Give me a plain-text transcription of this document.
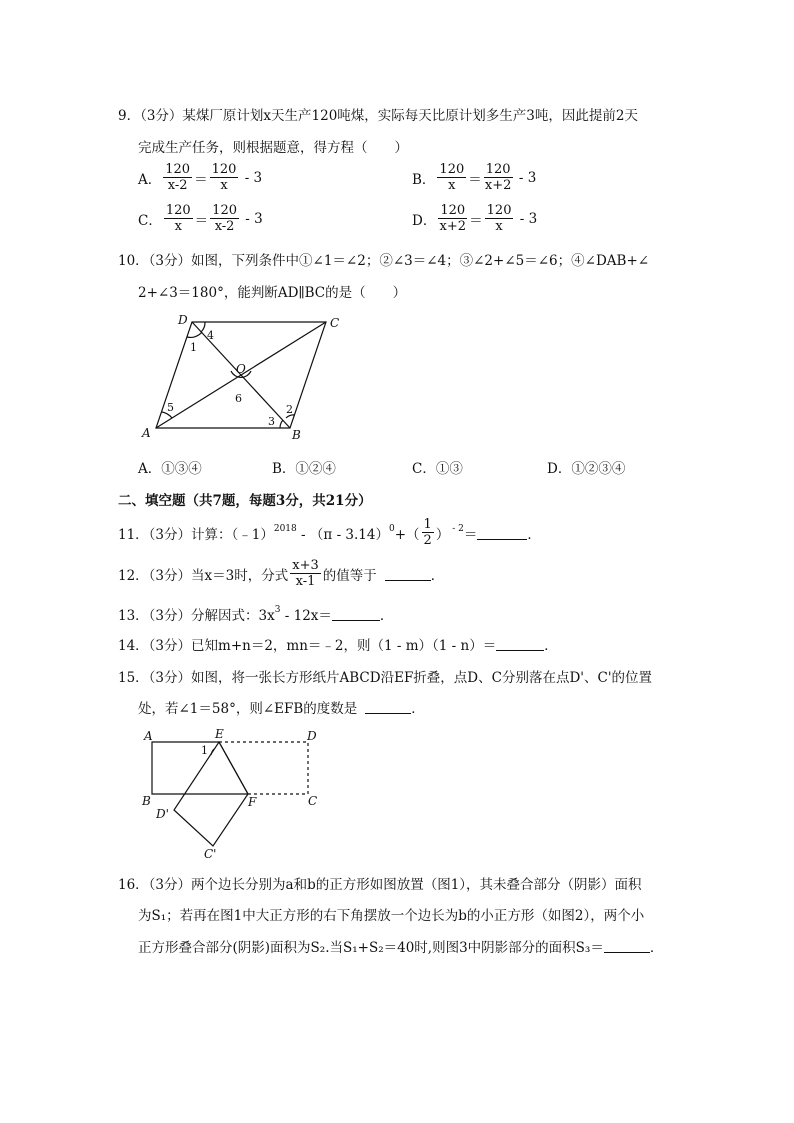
9．（3分）某煤厂原计划x天生产120吨煤，实际每天比原计划多生产3吨，因此提前2天
完成生产任务，则根据题意，得方程（　　）
A． $\frac{120}{x-2} = \frac{120}{x} - 3$	B． $\frac{120}{x} = \frac{120}{x+2} - 3$
C． $\frac{120}{x} = \frac{120}{x-2} - 3$	D． $\frac{120}{x+2} = \frac{120}{x} - 3$
10．（3分）如图，下列条件中①∠1＝∠2；②∠3＝∠4；③∠2+∠5＝∠6；④∠DAB+∠
2+∠3＝180°，能判断AD∥BC的是（　　）
D	C
A	B
O
1
2
3
4
5
6
A．①③④	B．①②④	C．①③	D．①②③④
二、填空题（共7题，每题3分，共21分）
11．（3分）计算：（﹣1）$^{2018}$ - （π - 3.14）$^0$ +（ $\frac{1}{2}$ ） $^{- 2}$ ＝	．
12．（3分）当x＝3时，分式 $\frac{x+3}{x-1}$ 的值等于	．
13．（3分）分解因式：$3x^3 - 12x=$	．
14．（3分）已知m+n＝2，mn＝﹣2，则（1 - m）（1 - n）＝	．
15．（3分）如图，将一张长方形纸片ABCD沿EF折叠，点D、C分别落在点D'、C'的位置
处，若∠1＝58°，则∠EFB的度数是	．
A	E	D
B	F	C
D'
C'
1
16．（3分）两个边长分别为a和b的正方形如图放置（图1），其未叠合部分（阴影）面积
为S₁；若再在图1中大正方形的右下角摆放一个边长为b的小正方形（如图2），两个小
正方形叠合部分(阴影)面积为S₂.当S₁+S₂＝40时,则图3中阴影部分的面积S₃＝	．
